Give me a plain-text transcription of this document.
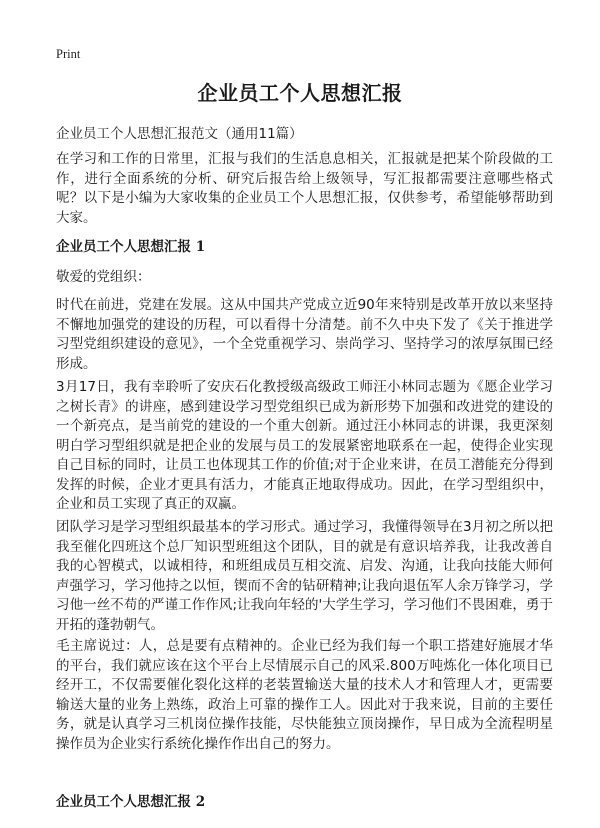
Print
企业员工个人思想汇报
企业员工个人思想汇报范文（通用11篇）
在学习和工作的日常里，汇报与我们的生活息息相关，汇报就是把某个阶段做的工作，进行全面系统的分析、研究后报告给上级领导，写汇报都需要注意哪些格式呢？以下是小编为大家收集的企业员工个人思想汇报，仅供参考，希望能够帮助到大家。
企业员工个人思想汇报 1
敬爱的党组织：
时代在前进，党建在发展。这从中国共产党成立近90年来特别是改革开放以来坚持不懈地加强党的建设的历程，可以看得十分清楚。前不久中央下发了《关于推进学习型党组织建设的意见》，一个全党重视学习、崇尚学习、坚持学习的浓厚氛围已经形成。
3月17日，我有幸聆听了安庆石化教授级高级政工师汪小林同志题为《愿企业学习之树长青》的讲座，感到建设学习型党组织已成为新形势下加强和改进党的建设的一个新亮点，是当前党的建设的一个重大创新。通过汪小林同志的讲课，我更深刻明白学习型组织就是把企业的发展与员工的发展紧密地联系在一起，使得企业实现自己目标的同时，让员工也体现其工作的价值;对于企业来讲，在员工潜能充分得到发挥的时候，企业才更具有活力，才能真正地取得成功。因此，在学习型组织中，企业和员工实现了真正的双赢。
团队学习是学习型组织最基本的学习形式。通过学习，我懂得领导在3月初之所以把我至催化四班这个总厂知识型班组这个团队，目的就是有意识培养我，让我改善自我的心智模式，以诚相待，和班组成员互相交流、启发、沟通，让我向技能大师何声强学习，学习他持之以恒，锲而不舍的钻研精神;让我向退伍军人余万锋学习，学习他一丝不苟的严谨工作作风;让我向年轻的'大学生学习，学习他们不畏困难，勇于开拓的蓬勃朝气。
毛主席说过：人，总是要有点精神的。企业已经为我们每一个职工搭建好施展才华的平台，我们就应该在这个平台上尽情展示自己的风采.800万吨炼化一体化项目已经开工，不仅需要催化裂化这样的老装置输送大量的技术人才和管理人才，更需要输送大量的业务上熟练，政治上可靠的操作工人。因此对于我来说，目前的主要任务，就是认真学习三机岗位操作技能，尽快能独立顶岗操作，早日成为全流程明星操作员为企业实行系统化操作作出自己的努力。
企业员工个人思想汇报 2
